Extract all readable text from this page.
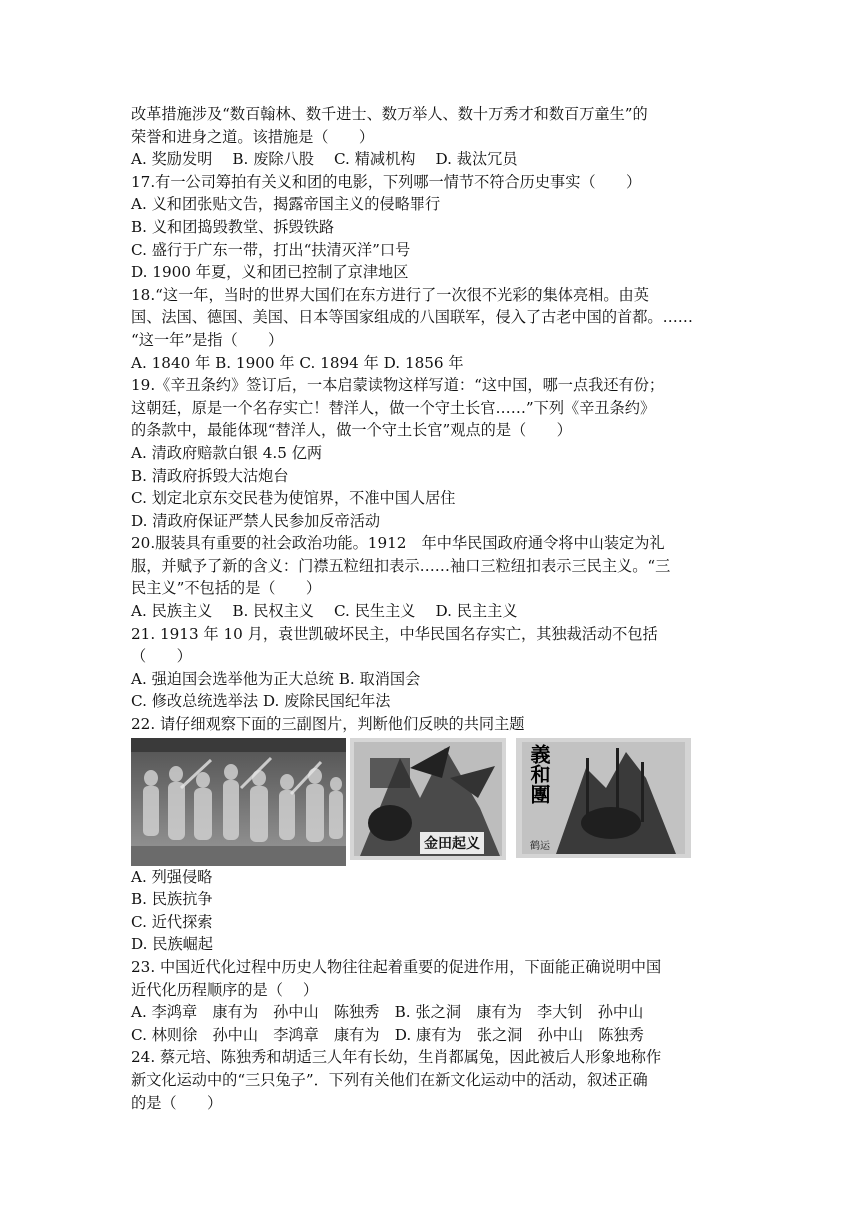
改革措施涉及“数百翰林、数千进士、数万举人、数十万秀才和数百万童生”的
荣誉和进身之道。该措施是（　　）
A. 奖励发明　 B. 废除八股　 C. 精减机构　 D. 裁汰冗员
17.有一公司筹拍有关义和团的电影，下列哪一情节不符合历史事实（　　）
A. 义和团张贴文告，揭露帝国主义的侵略罪行
B. 义和团捣毁教堂、拆毁铁路
C. 盛行于广东一带，打出“扶清灭洋”口号
D. 1900 年夏，义和团已控制了京津地区
18.“这一年，当时的世界大国们在东方进行了一次很不光彩的集体亮相。由英
国、法国、德国、美国、日本等国家组成的八国联军，侵入了古老中国的首都。……
“这一年”是指（　　）
A. 1840 年 B. 1900 年 C. 1894 年 D. 1856 年
19.《辛丑条约》签订后，一本启蒙读物这样写道：“这中国，哪一点我还有份；
这朝廷，原是一个名存实亡！替洋人，做一个守土长官……”下列《辛丑条约》
的条款中，最能体现“替洋人，做一个守土长官”观点的是（　　）
A. 清政府赔款白银 4.5 亿两
B. 清政府拆毁大沽炮台
C. 划定北京东交民巷为使馆界，不准中国人居住
D. 清政府保证严禁人民参加反帝活动
20.服装具有重要的社会政治功能。1912　年中华民国政府通令将中山装定为礼
服，并赋予了新的含义：门襟五粒纽扣表示……袖口三粒纽扣表示三民主义。“三
民主义”不包括的是（　　）
A. 民族主义　 B. 民权主义　 C. 民生主义　 D. 民主主义
21. 1913 年 10 月，袁世凯破坏民主，中华民国名存实亡，其独裁活动不包括
（　　）
A. 强迫国会选举他为正大总统 B. 取消国会
C. 修改总统选举法 D. 废除民国纪年法
22. 请仔细观察下面的三副图片，判断他们反映的共同主题
金田起义
義和團
鹤运
A. 列强侵略
B. 民族抗争
C. 近代探索
D. 民族崛起
23. 中国近代化过程中历史人物往往起着重要的促进作用，下面能正确说明中国
近代化历程顺序的是（　 ）
A. 李鸿章　康有为　孙中山　陈独秀　B. 张之洞　康有为　李大钊　孙中山
C. 林则徐　孙中山　李鸿章　康有为　D. 康有为　张之洞　孙中山　陈独秀
24. 蔡元培、陈独秀和胡适三人年有长幼，生肖都属兔，因此被后人形象地称作
新文化运动中的“三只兔子”．下列有关他们在新文化运动中的活动，叙述正确
的是（　　）
